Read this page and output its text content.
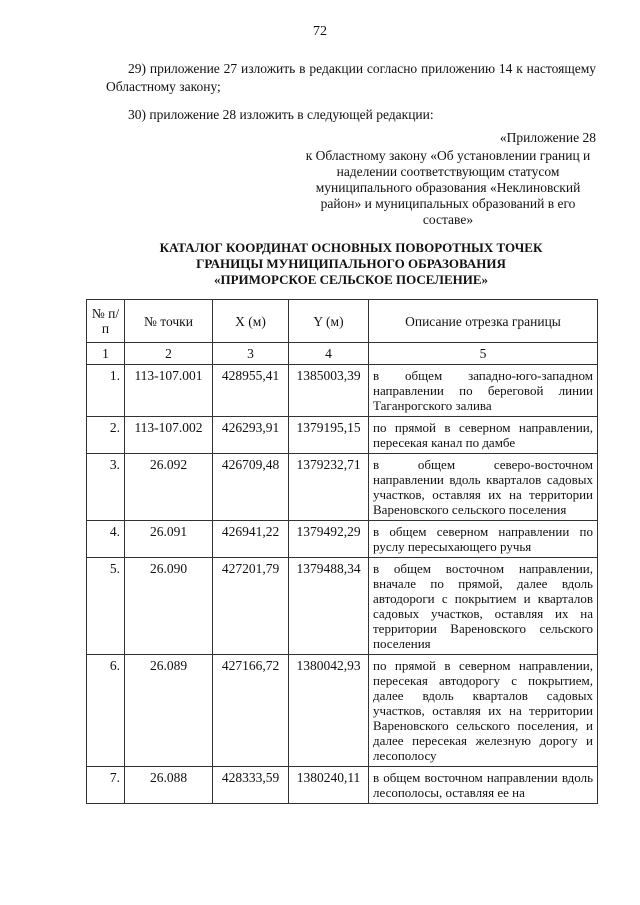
72
29) приложение 27 изложить в редакции согласно приложению 14 к настоящему Областному закону;
30) приложение 28 изложить в следующей редакции:
«Приложение 28
к Областному закону «Об установлении границ и наделении соответствующим статусом муниципального образования «Неклиновский район» и муниципальных образований в его составе»
КАТАЛОГ КООРДИНАТ ОСНОВНЫХ ПОВОРОТНЫХ ТОЧЕК
ГРАНИЦЫ МУНИЦИПАЛЬНОГО ОБРАЗОВАНИЯ
«ПРИМОРСКОЕ СЕЛЬСКОЕ ПОСЕЛЕНИЕ»
№ п/п	№ точки	X (м)	Y (м)	Описание отрезка границы
1	2	3	4	5
1.	113-107.001	428955,41	1385003,39	в общем западно-юго-западном направлении по береговой линии Таганрогского залива
2.	113-107.002	426293,91	1379195,15	по прямой в северном направлении, пересекая канал по дамбе
3.	26.092	426709,48	1379232,71	в общем северо-восточном направлении вдоль кварталов садовых участков, оставляя их на территории Вареновского сельского поселения
4.	26.091	426941,22	1379492,29	в общем северном направлении по руслу пересыхающего ручья
5.	26.090	427201,79	1379488,34	в общем восточном направлении, вначале по прямой, далее вдоль автодороги с покрытием и кварталов садовых участков, оставляя их на территории Вареновского сельского поселения
6.	26.089	427166,72	1380042,93	по прямой в северном направлении, пересекая автодорогу с покрытием, далее вдоль кварталов садовых участков, оставляя их на территории Вареновского сельского поселения, и далее пересекая железную дорогу и лесополосу
7.	26.088	428333,59	1380240,11	в общем восточном направлении вдоль лесополосы, оставляя ее на
